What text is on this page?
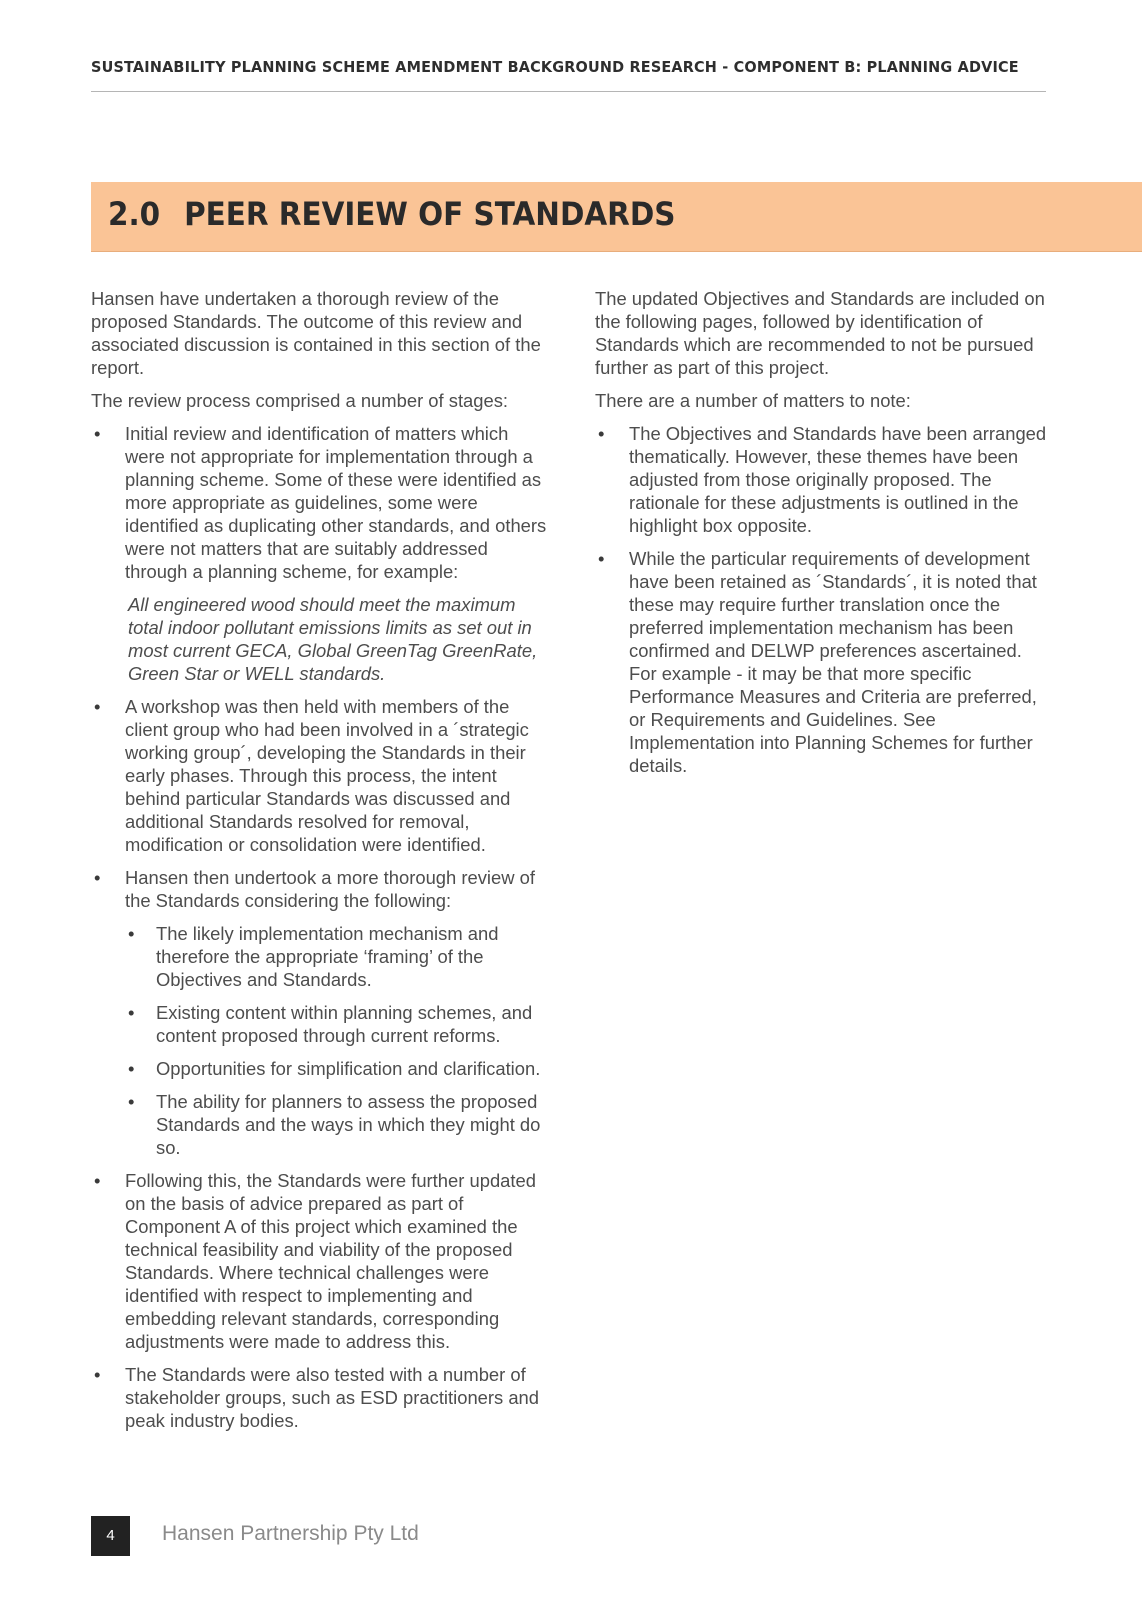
SUSTAINABILITY PLANNING SCHEME AMENDMENT BACKGROUND RESEARCH - COMPONENT B: PLANNING ADVICE
2.0 PEER REVIEW OF STANDARDS

Hansen have undertaken a thorough review of the proposed Standards. The outcome of this review and associated discussion is contained in this section of the report.

The review process comprised a number of stages:

• Initial review and identification of matters which were not appropriate for implementation through a planning scheme. Some of these were identified as more appropriate as guidelines, some were identified as duplicating other standards, and others were not matters that are suitably addressed through a planning scheme, for example:

All engineered wood should meet the maximum total indoor pollutant emissions limits as set out in most current GECA, Global GreenTag GreenRate, Green Star or WELL standards.

• A workshop was then held with members of the client group who had been involved in a ´strategic working group´, developing the Standards in their early phases. Through this process, the intent behind particular Standards was discussed and additional Standards resolved for removal, modification or consolidation were identified.

• Hansen then undertook a more thorough review of the Standards considering the following:

• The likely implementation mechanism and therefore the appropriate ‘framing’ of the Objectives and Standards.
• Existing content within planning schemes, and content proposed through current reforms.
• Opportunities for simplification and clarification.
• The ability for planners to assess the proposed Standards and the ways in which they might do so.

• Following this, the Standards were further updated on the basis of advice prepared as part of Component A of this project which examined the technical feasibility and viability of the proposed Standards. Where technical challenges were identified with respect to implementing and embedding relevant standards, corresponding adjustments were made to address this.

• The Standards were also tested with a number of stakeholder groups, such as ESD practitioners and peak industry bodies.

The updated Objectives and Standards are included on the following pages, followed by identification of Standards which are recommended to not be pursued further as part of this project.

There are a number of matters to note:

• The Objectives and Standards have been arranged thematically. However, these themes have been adjusted from those originally proposed. The rationale for these adjustments is outlined in the highlight box opposite.
• While the particular requirements of development have been retained as ´Standards´, it is noted that these may require further translation once the preferred implementation mechanism has been confirmed and DELWP preferences ascertained. For example - it may be that more specific Performance Measures and Criteria are preferred, or Requirements and Guidelines. See Implementation into Planning Schemes for further details.
4	Hansen Partnership Pty Ltd
